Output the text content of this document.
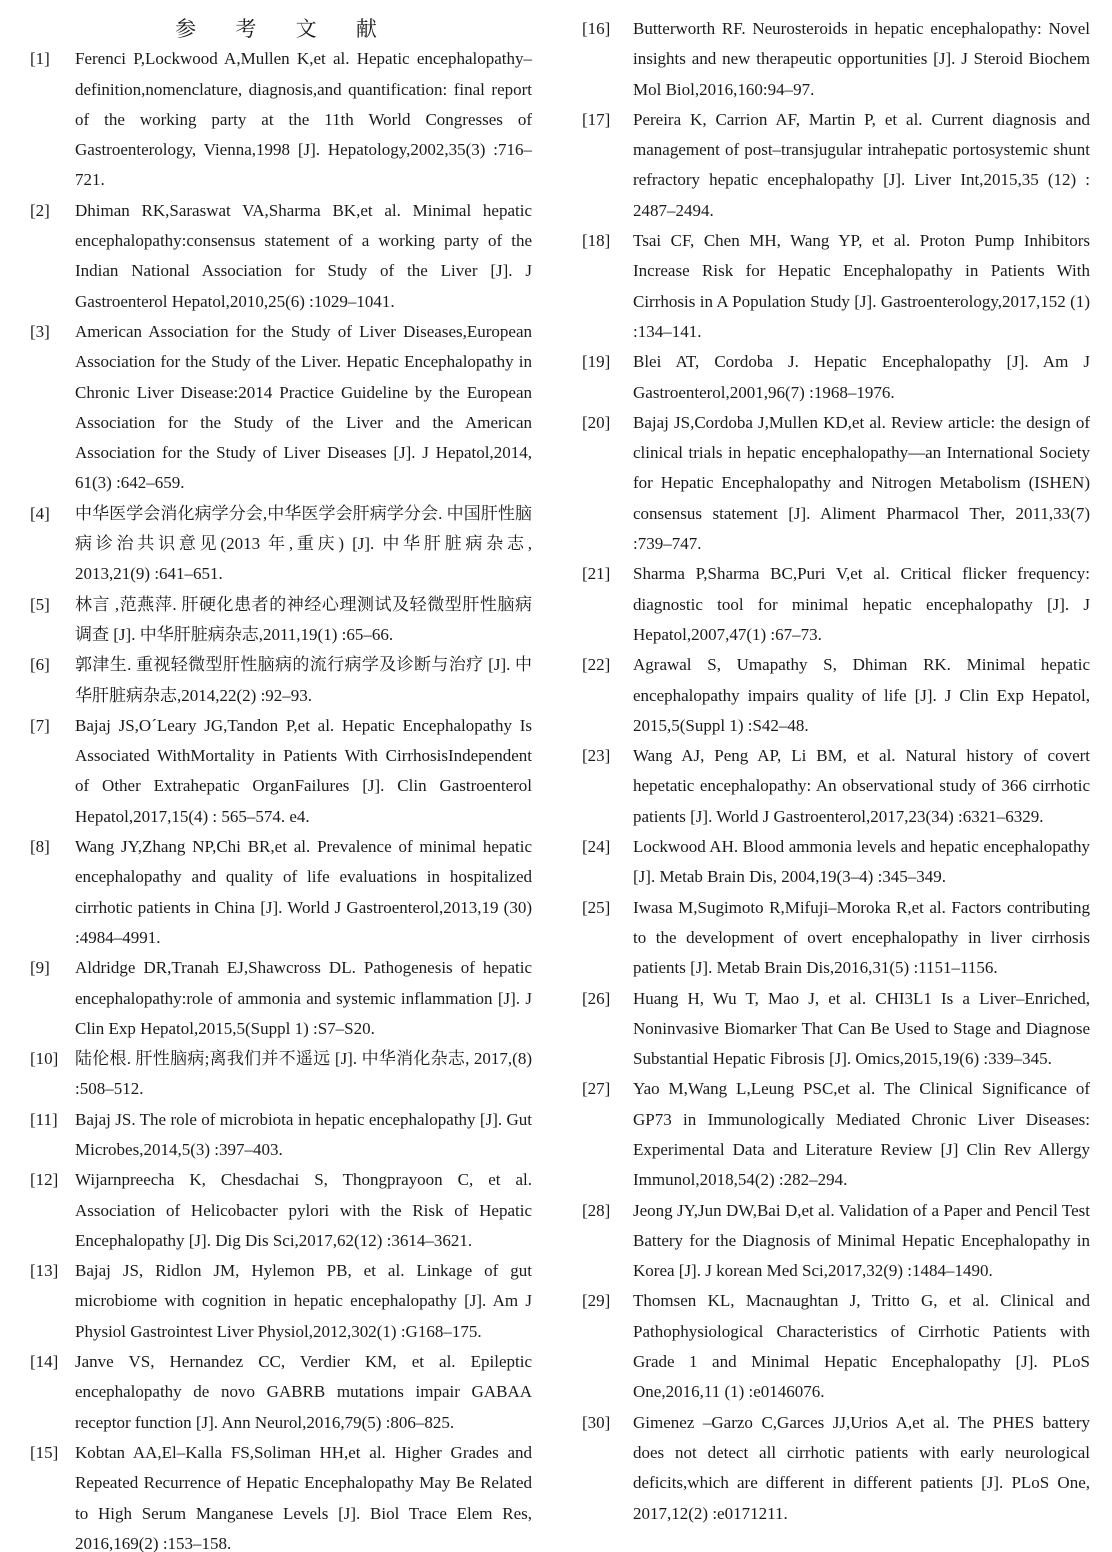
参 考 文 献
[1]	Ferenci P,Lockwood A,Mullen K,et al. Hepatic encephalopathy–definition,nomenclature, diagnosis,and quantification: final report of the working party at the 11th World Congresses of Gastroenterology, Vienna,1998 [J]. Hepatology,2002,35(3) :716–721.
[2]	Dhiman RK,Saraswat VA,Sharma BK,et al. Minimal hepatic encephalopathy:consensus statement of a working party of the Indian National Association for Study of the Liver [J]. J Gastroenterol Hepatol,2010,25(6) :1029–1041.
[3]	American Association for the Study of Liver Diseases,European Association for the Study of the Liver. Hepatic Encephalopathy in Chronic Liver Disease:2014 Practice Guideline by the European Association for the Study of the Liver and the American Association for the Study of Liver Diseases [J]. J Hepatol,2014, 61(3) :642–659.
[4]	中华医学会消化病学分会,中华医学会肝病学分会. 中国肝性脑病诊治共识意见(2013 年,重庆) [J]. 中华肝脏病杂志, 2013,21(9) :641–651.
[5]	林言 ,范燕萍. 肝硬化患者的神经心理测试及轻微型肝性脑病调查 [J]. 中华肝脏病杂志,2011,19(1) :65–66.
[6]	郭津生. 重视轻微型肝性脑病的流行病学及诊断与治疗 [J]. 中华肝脏病杂志,2014,22(2) :92–93.
[7]	Bajaj JS,O´Leary JG,Tandon P,et al. Hepatic Encephalopathy Is Associated WithMortality in Patients With CirrhosisIndependent of Other Extrahepatic OrganFailures [J]. Clin Gastroenterol Hepatol,2017,15(4) : 565–574. e4.
[8]	Wang JY,Zhang NP,Chi BR,et al. Prevalence of minimal hepatic encephalopathy and quality of life evaluations in hospitalized cirrhotic patients in China [J]. World J Gastroenterol,2013,19 (30) :4984–4991.
[9]	Aldridge DR,Tranah EJ,Shawcross DL. Pathogenesis of hepatic encephalopathy:role of ammonia and systemic inflammation [J]. J Clin Exp Hepatol,2015,5(Suppl 1) :S7–S20.
[10] 陆伦根. 肝性脑病;离我们并不遥远 [J]. 中华消化杂志, 2017,(8) :508–512.
[11]	Bajaj JS. The role of microbiota in hepatic encephalopathy [J]. Gut Microbes,2014,5(3) :397–403.
[12] Wijarnpreecha K, Chesdachai S, Thongprayoon C, et al. Association of Helicobacter pylori with the Risk of Hepatic Encephalopathy [J]. Dig Dis Sci,2017,62(12) :3614–3621.
[13] Bajaj JS, Ridlon JM, Hylemon PB, et al. Linkage of gut microbiome with cognition in hepatic encephalopathy [J]. Am J Physiol Gastrointest Liver Physiol,2012,302(1) :G168–175.
[14] Janve VS, Hernandez CC, Verdier KM, et al. Epileptic encephalopathy de novo GABRB mutations impair GABAA receptor function [J]. Ann Neurol,2016,79(5) :806–825.
[15] Kobtan AA,El–Kalla FS,Soliman HH,et al. Higher Grades and Repeated Recurrence of Hepatic Encephalopathy May Be Related to High Serum Manganese Levels [J]. Biol Trace Elem Res, 2016,169(2) :153–158.
[16]	Butterworth RF. Neurosteroids in hepatic encephalopathy: Novel insights and new therapeutic opportunities [J]. J Steroid Biochem Mol Biol,2016,160:94–97.
[17]	Pereira K, Carrion AF, Martin P, et al. Current diagnosis and management of post–transjugular intrahepatic portosystemic shunt refractory hepatic encephalopathy [J]. Liver Int,2015,35 (12) : 2487–2494.
[18]	Tsai CF, Chen MH, Wang YP, et al. Proton Pump Inhibitors Increase Risk for Hepatic Encephalopathy in Patients With Cirrhosis in A Population Study [J]. Gastroenterology,2017,152 (1) :134–141.
[19]	Blei AT, Cordoba J. Hepatic Encephalopathy [J]. Am J Gastroenterol,2001,96(7) :1968–1976.
[20]	Bajaj JS,Cordoba J,Mullen KD,et al. Review article: the design of clinical trials in hepatic encephalopathy—an International Society for Hepatic Encephalopathy and Nitrogen Metabolism (ISHEN) consensus statement [J]. Aliment Pharmacol Ther, 2011,33(7) :739–747.
[21]	Sharma P,Sharma BC,Puri V,et al. Critical flicker frequency: diagnostic tool for minimal hepatic encephalopathy [J]. J Hepatol,2007,47(1) :67–73.
[22]	Agrawal S, Umapathy S, Dhiman RK. Minimal hepatic encephalopathy impairs quality of life [J]. J Clin Exp Hepatol, 2015,5(Suppl 1) :S42–48.
[23]	Wang AJ, Peng AP, Li BM, et al. Natural history of covert hepetatic encephalopathy: An observational study of 366 cirrhotic patients [J]. World J Gastroenterol,2017,23(34) :6321–6329.
[24]	Lockwood AH. Blood ammonia levels and hepatic encephalopathy [J]. Metab Brain Dis, 2004,19(3–4) :345–349.
[25]	Iwasa M,Sugimoto R,Mifuji–Moroka R,et al. Factors contributing to the development of overt encephalopathy in liver cirrhosis patients [J]. Metab Brain Dis,2016,31(5) :1151–1156.
[26]	Huang H, Wu T, Mao J, et al. CHI3L1 Is a Liver–Enriched, Noninvasive Biomarker That Can Be Used to Stage and Diagnose Substantial Hepatic Fibrosis [J]. Omics,2015,19(6) :339–345.
[27]	Yao M,Wang L,Leung PSC,et al. The Clinical Significance of GP73 in Immunologically Mediated Chronic Liver Diseases: Experimental Data and Literature Review [J] Clin Rev Allergy Immunol,2018,54(2) :282–294.
[28]	Jeong JY,Jun DW,Bai D,et al. Validation of a Paper and Pencil Test Battery for the Diagnosis of Minimal Hepatic Encephalopathy in Korea [J]. J korean Med Sci,2017,32(9) :1484–1490.
[29]	Thomsen KL, Macnaughtan J, Tritto G, et al. Clinical and Pathophysiological Characteristics of Cirrhotic Patients with Grade 1 and Minimal Hepatic Encephalopathy [J]. PLoS One,2016,11 (1) :e0146076.
[30]	Gimenez –Garzo C,Garces JJ,Urios A,et al. The PHES battery does not detect all cirrhotic patients with early neurological deficits,which are different in different patients [J]. PLoS One, 2017,12(2) :e0171211.
